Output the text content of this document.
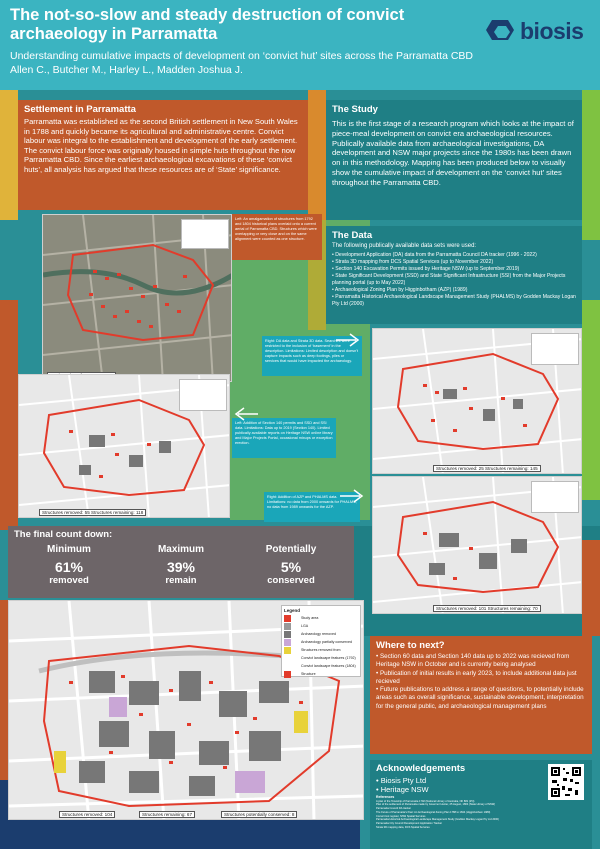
The not-so-slow and steady destruction of convict archaeology in Parramatta
Understanding cumulative impacts of development on ‘convict hut’ sites across the Parramatta CBD
Allen C., Butcher M., Harley L., Madden Joshua J.
biosis
Settlement in Parramatta

Parramatta was established as the second British settlement in New South Wales in 1788 and quickly became its agricultural and administrative centre. Convict labour was integral to the establishment and development of the early settlement. The convict labour force was originally housed in simple huts throughout the now Parramatta CBD. Since the earliest archaeological excavations of these ‘convict huts’, all analysis has argued that these resources are of ‘State’ significance.

The Study

This is the first stage of a research program which looks at the impact of piece-meal development on convict era archaeological resources. Publically available data from archaeological investigations, DA development and NSW major projects since the 1980s has been drawn on in this methodology. Mapping has been produced below to visually show the cumulative impact of development on the ‘convict hut’ sites throughout the Parramatta CBD.

The Data
The following publically available data sets were used:
• Development Application (DA) data from the Parramatta Council DA tracker (1996 - 2022)
• Strata 3D mapping from DCS Spatial Services (up to November 2022)
• Section 140 Excavation Permits issued by Heritage NSW (up to September 2019)
• State Significant Development (SSD) and State Significant Infrastructure (SSI) from the Major Projects planning portal (up to May 2022)
• Archaeological Zoning Plan by Higginbotham (AZP) (1989)
• Parramatta Historical Archaeological Landscape Management Study (PHALMS) by Godden Mackay Logan Pty Ltd (2000)
Structures removed: 25 Structures remaining: 145
Structures removed: 55 Structures remaining: 118
Structures removed: 101 Structures remaining: 70
Left: An amalgamation of structures from 1792 and 1804 historical plans overlaid onto a current aerial of Parramatta CBD. Structures which were overlapping or very close and on the same alignment were counted as one structure.
Right: DA data and Strata 3D data. Searches were restricted to the inclusion of ‘basement’ in the description. Limitations: Limited description and doesn’t capture impacts such as deep footings, piles or services that would have impacted the archaeology.
Left: Addition of Section 140 permits and SSD and SSI data. Limitations: Data up to 2019 (Section 140). Limited publically available reports on Heritage NSW online library and Major Projects Portal, occasional mixups or exception erection.
Right: Addition of AZP and PHALMS data. Limitations: no data from 2000 onwards for PHALMS, no data from 1989 onwards for the AZP.
The final count down:
Minimum
61%
removed
Maximum
39%
remain
Potentially
5%
conserved
Legend
Study area
LGA
Archaeology removed
Archaeology partially conserved
Structures removed from
Convict landscape features (1792)
Convict landscape features (1804)
Structure
Structures removed: 104	Structures remaining: 67	Structures potentially conserved: 8
Where to next?
• Section 60 data and Section 140 data up to 2022 was recieved from Heritage NSW in October and is currently being analysed
• Publication of initial results in early 2023, to include additional data just recieved
• Future publications to address a range of questions, to potentially include areas such as overall significance, sustainable development, interpretation for the general public, and archaeological management plans
Acknowledgements
• Biosis Pty Ltd
• Heritage NSW
References
A plan of the Township of Parramatta 1792 (National Library of Australia, NK 881 (25))
Plan of the settlement of Parramatta made by Governor Hunter, 25 August, 1804 (State Library of NSW)
Parramatta Council DA tracker
The Future of Parramatta's Past: An Archaeological Zoning Plan 1788 to 1844 (Higginbotham 1989)
Convict Hut register, NSW Spatial Services
Parramatta Historical Archaeological Landscape Management Study (Godden Mackay Logan Pty Ltd 2000)
Parramatta City Council Development Application Tracker
Strata 3D mapping data, DCS Spatial Services
